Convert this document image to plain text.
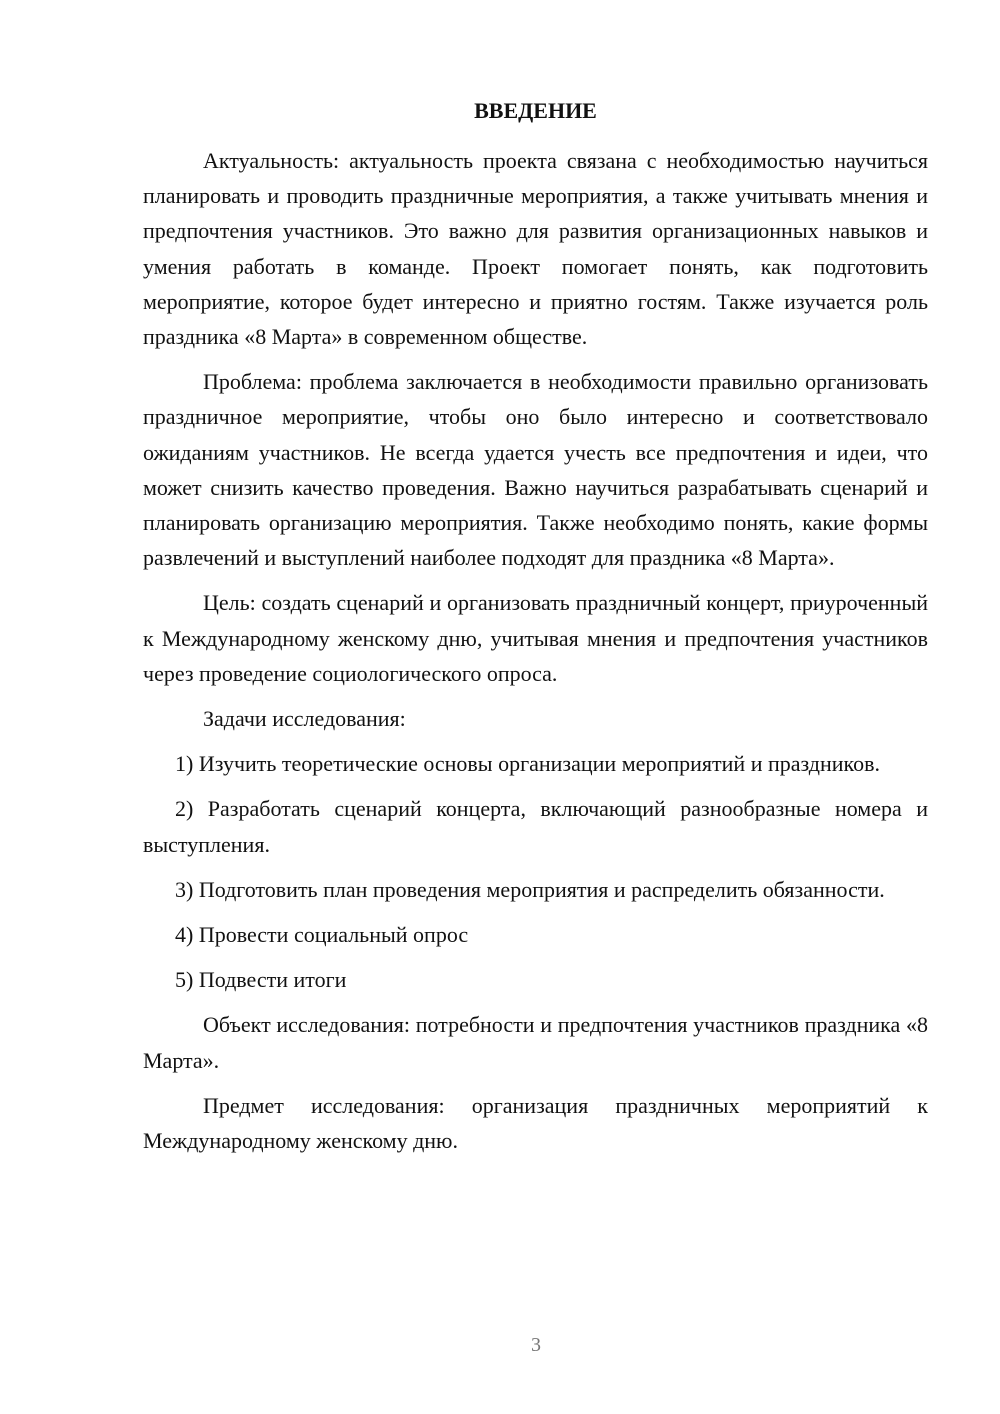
ВВЕДЕНИЕ

Актуальность: актуальность проекта связана с необходимостью научиться планировать и проводить праздничные мероприятия, а также учитывать мнения и предпочтения участников. Это важно для развития организационных навыков и умения работать в команде. Проект помогает понять, как подготовить мероприятие, которое будет интересно и приятно гостям. Также изучается роль праздника «8 Марта» в современном обществе.

Проблема: проблема заключается в необходимости правильно организовать праздничное мероприятие, чтобы оно было интересно и соответствовало ожиданиям участников. Не всегда удается учесть все предпочтения и идеи, что может снизить качество проведения. Важно научиться разрабатывать сценарий и планировать организацию мероприятия. Также необходимо понять, какие формы развлечений и выступлений наиболее подходят для праздника «8 Марта».

Цель: создать сценарий и организовать праздничный концерт, приуроченный к Международному женскому дню, учитывая мнения и предпочтения участников через проведение социологического опроса.

Задачи исследования:

1) Изучить теоретические основы организации мероприятий и праздников.

2) Разработать сценарий концерта, включающий разнообразные номера и выступления.

3) Подготовить план проведения мероприятия и распределить обязанности.

4) Провести социальный опрос

5) Подвести итоги

Объект исследования: потребности и предпочтения участников праздника «8 Марта».

Предмет исследования: организация праздничных мероприятий к Международному женскому дню.

3
